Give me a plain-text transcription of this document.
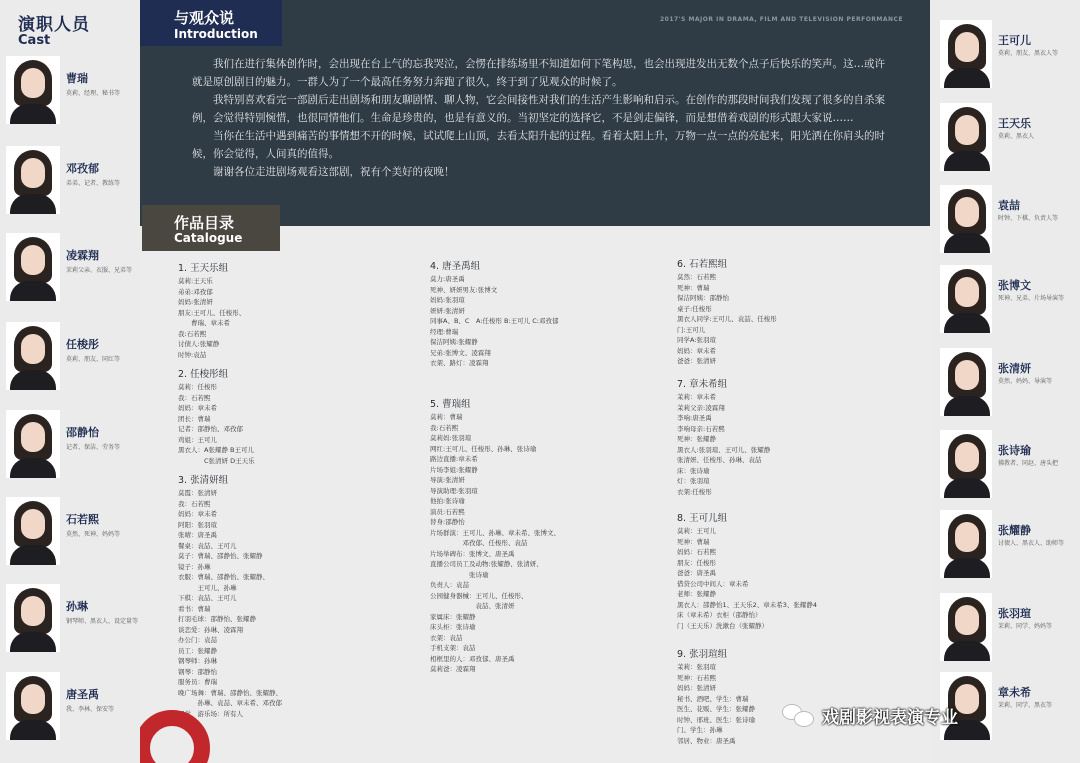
演职人员
Cast
曹瑞
莫莉、经理、秘书等
邓孜郁
弟弟、记者、教练等
凌霖翔
茉莉父亲、衣服、兄弟等
任梭彤
莫莉、朋友、同红等
邵静怡
记者、保洁、劳务等
石若熙
莫然、死神、妈妈等
孙琳
钢琴师、黑衣人、设定量等
唐圣禹
我、李林、保安等
与观众说
Introduction
2017'S MAJOR IN DRAMA, FILM AND TELEVISION PERFORMANCE

我们在进行集体创作时，会出现在台上气的忘我哭泣，会愣在排练场里不知道如何下笔构思，也会出现进发出无数个点子后快乐的笑声。这…或许就是原创剧目的魅力。一群人为了一个最高任务努力奔跑了很久，终于到了见观众的时候了。

我特别喜欢看完一部剧后走出剧场和朋友聊剧情、聊人物，它会间接性对我们的生活产生影响和启示。在创作的那段时间我们发现了很多的自杀案例，会觉得特别惋惜，也很同情他们。生命是珍贵的，也是有意义的。当初坚定的选择它，不是剑走偏锋，而是想借着戏剧的形式跟大家说……

当你在生活中遇到痛苦的事情想不开的时候，试试爬上山顶，去看太阳升起的过程。看着太阳上升，万物一点一点的亮起来，阳光洒在你肩头的时候，你会觉得，人间真的值得。

谢谢各位走进剧场观看这部剧，祝有个美好的夜晚！

作品目录
Catalogue
1. 王天乐组
莫莉:王天乐
弟弟:邓孜郁
妈妈:张清妍
朋友:王可儿、任梭彤、
　　曹瑞、章未希
我:石若熙
讨债人:张耀静
时钟:袁喆
2. 任梭彤组
莫莉：任梭彤
我：石若熙
妈妈：章未希
团长：曹瑞
记者：邵静怡、邓孜郁
鸡姐：王可儿
黑衣人：A张耀静 B王可儿
　　　　C张清妍 D王天乐
3. 张清妍组
莫霞：张清妍
我：石若熙
妈妈：章未希
阿阳：张羽瑄
张晴：唐圣禹
餐桌：袁喆、王可儿
莫子：曹瑞、邵静怡、张耀静
镜子：孙琳
衣服：曹瑞、邵静怡、张耀静、
　　　王可儿、孙琳
下棋：袁喆、王可儿
看书：曹瑞
打羽毛球：邵静怡、张耀静
谈恋爱：孙琳、凌霖翔
办公门：袁喆
员工：张耀静
钢琴师：孙琳
钢琴：邵静怡
服务员：曹瑞
晚广场舞：曹瑞、邵静怡、张耀静、
　　　孙琳、袁喆、章未希、邓孜郁
同学、游乐场：所有人
4. 唐圣禹组
莫力:唐圣禹
死神、妍妍男友:张博文
妈妈:张羽瑄
妍妍:张清妍
同事A、B、C　A:任梭彤 B:王可儿 C:邓孜郁
经理:曹瑞
保洁阿姨:张耀静
兄弟:张博文、凌霖翔
衣架、路灯：凌霖翔
5. 曹瑞组
莫莉：曹瑞
我:石若熙
莫莉妈:张羽瑄
网红:王可儿、任梭彤、孙琳、张诗瑜
路边直播:章未希
片场李姐:张耀静
导演:张清妍
导演助理:张羽瑄
他拍:张诗瑜
演员:石若熙
替身:邵静怡
片场群演：王可儿、孙琳、章未希、张博文、
　　　　　邓孜郁、任梭彤、袁喆
片场举碑布：张博文、唐圣禹
直播公司员工及动物:张耀静、张清妍、
　　　　　　张诗瑜
负责人：袁喆
公园健身器械：王可儿、任梭彤、
　　　　　　　袁喆、张清妍
家属床：张耀静
床头柜：张诗瑜
衣架：袁喆
手机支架：袁喆
相框里的人：邓孜郁、唐圣禹
莫莉爸：凌霖翔
6. 石若熙组
莫然：石若熙
死神：曹瑞
保洁阿姨：邵静怡
桌子:任梭彤
黑衣人同学:王可儿、袁喆、任梭彤
门:王可儿
同学A:张羽瑄
妈妈：章未希
爸爸：张清妍
7. 章未希组
茉莉：章未希
茉莉父亲:凌霖翔
李响:唐圣禹
李响母亲:石若熙
死神：张耀静
黑衣人:张羽瑄、王可儿、张耀静
张清妍、任梭彤、孙琳、袁喆
床：张诗瑜
灯：张羽瑄
衣架:任梭彤
8. 王可儿组
莫莉：王可儿
死神：曹瑞
妈妈：石若熙
朋友：任梭彤
爸爸：唐圣禹
借贷公司中间人：章未希
老师：张耀静
黑衣人：邵静怡1、王天乐2、章未希3、张耀静4
床（章未希）衣柜（邵静怡）
门（王天乐）洗漱台（张耀静）
9. 张羽瑄组
茉莉：张羽瑄
死神：石若熙
妈妈：张清妍
秘书、酒吧、学生：曹瑞
医生、花贩、学生：张耀静
时钟、邢班、医生：张诗瑜
门、学生：孙琳
邻居、物业：唐圣禹
王可儿
莫莉、朋友、黑衣人等
王天乐
莫莉、黑衣人
袁喆
时钟、下棋、负责人等
张博文
死神、兄弟、片场导演等
张清妍
莫然、妈妈、导演等
张诗瑜
佛教者、同赵、唐头把
张耀静
讨债人、黑衣人、助师等
张羽瑄
茉莉、同学、妈妈等
章未希
茉莉、同学、黑衣等
戏剧影视表演专业
